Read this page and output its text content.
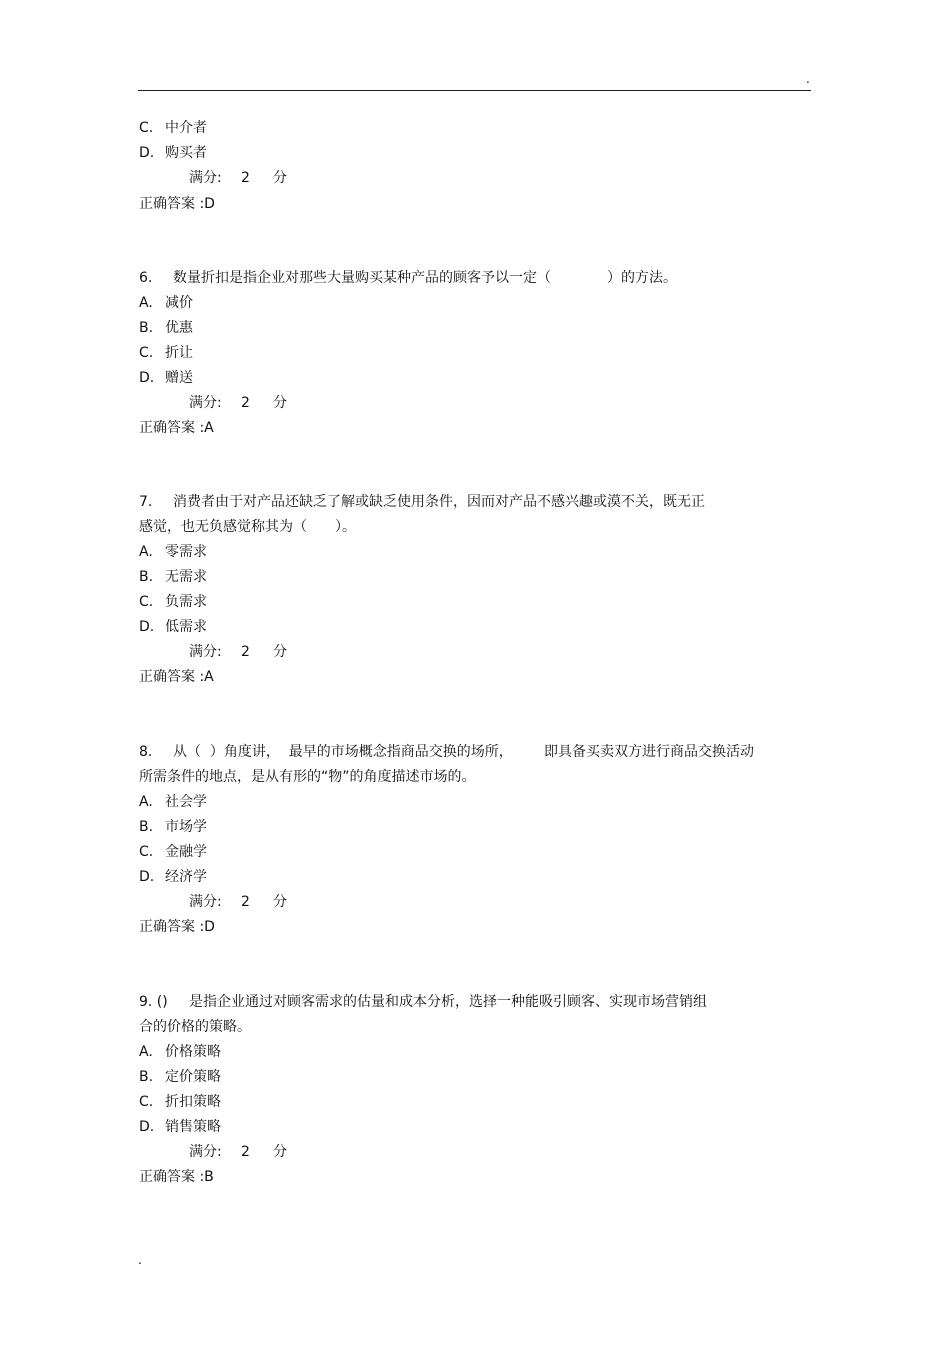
.
C. 中介者
D. 购买者
满分: 2 分
正确答案 :D
6. 数量折扣是指企业对那些大量购买某种产品的顾客予以一定（　　　　）的方法。
A. 减价
B. 优惠
C. 折让
D. 赠送
满分: 2 分
正确答案 :A
7. 消费者由于对产品还缺乏了解或缺乏使用条件，因而对产品不感兴趣或漠不关，既无正
感觉，也无负感觉称其为（　　）。
A. 零需求
B. 无需求
C. 负需求
D. 低需求
满分: 2 分
正确答案 :A
8. 从（  ）角度讲，  最早的市场概念指商品交换的场所，       即具备买卖双方进行商品交换活动
所需条件的地点，是从有形的“物”的角度描述市场的。
A. 社会学
B. 市场学
C. 金融学
D. 经济学
满分: 2 分
正确答案 :D
9. () 是指企业通过对顾客需求的估量和成本分析，选择一种能吸引顾客、实现市场营销组
合的价格的策略。
A. 价格策略
B. 定价策略
C. 折扣策略
D. 销售策略
满分: 2 分
正确答案 :B
.
